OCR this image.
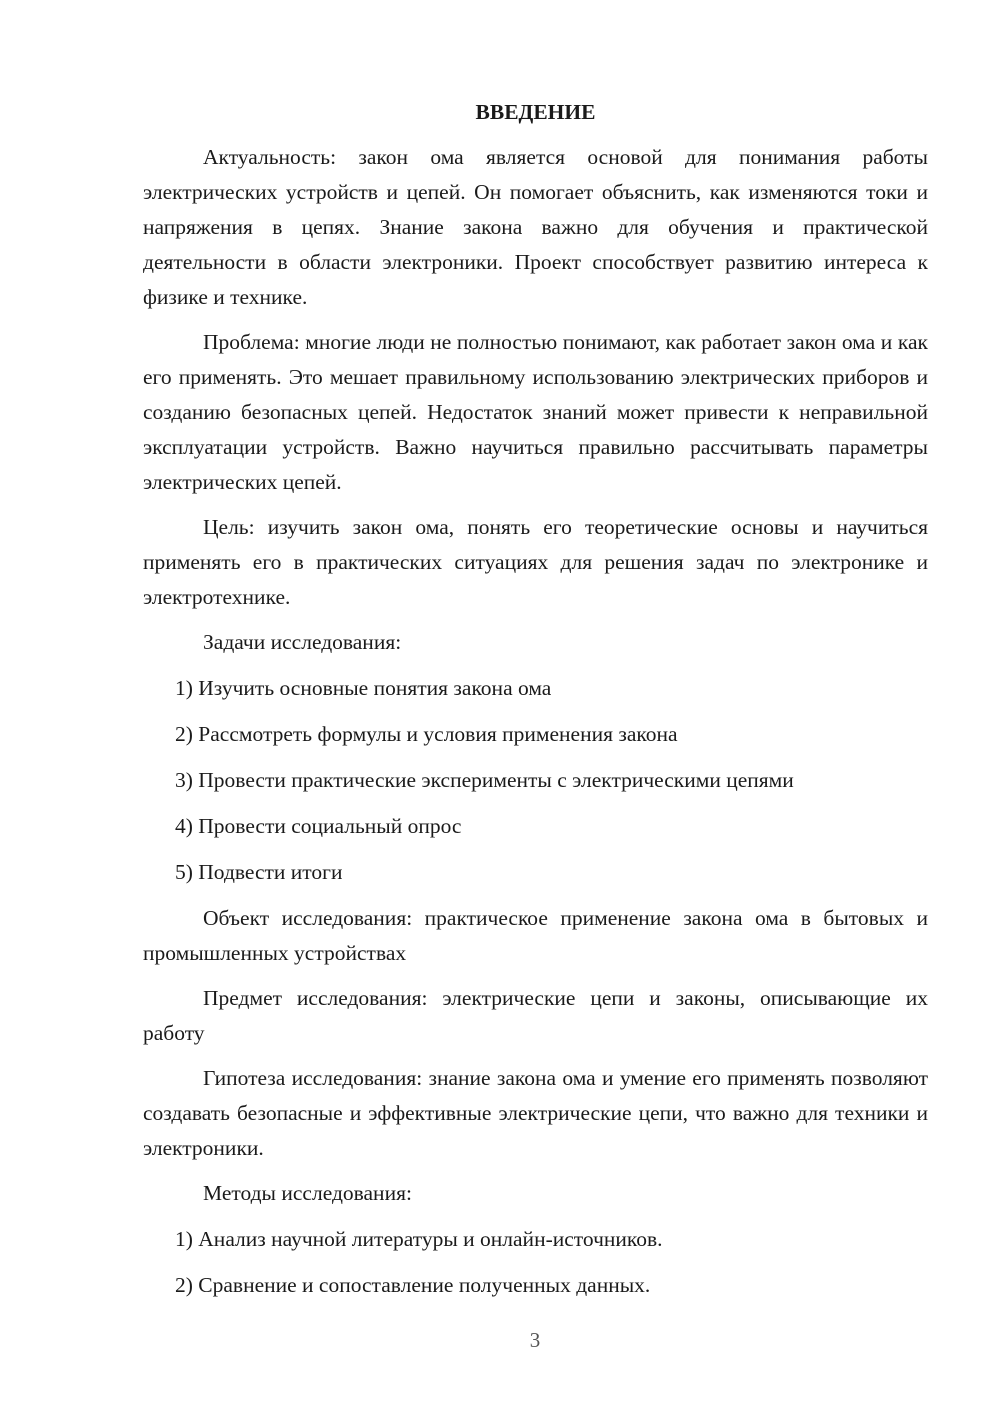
ВВЕДЕНИЕ

Актуальность: закон ома является основой для понимания работы электрических устройств и цепей. Он помогает объяснить, как изменяются токи и напряжения в цепях. Знание закона важно для обучения и практической деятельности в области электроники. Проект способствует развитию интереса к физике и технике.

Проблема: многие люди не полностью понимают, как работает закон ома и как его применять. Это мешает правильному использованию электрических приборов и созданию безопасных цепей. Недостаток знаний может привести к неправильной эксплуатации устройств. Важно научиться правильно рассчитывать параметры электрических цепей.

Цель: изучить закон ома, понять его теоретические основы и научиться применять его в практических ситуациях для решения задач по электронике и электротехнике.

Задачи исследования:

1) Изучить основные понятия закона ома

2) Рассмотреть формулы и условия применения закона

3) Провести практические эксперименты с электрическими цепями

4) Провести социальный опрос

5) Подвести итоги

Объект исследования: практическое применение закона ома в бытовых и промышленных устройствах

Предмет исследования: электрические цепи и законы, описывающие их работу

Гипотеза исследования: знание закона ома и умение его применять позволяют создавать безопасные и эффективные электрические цепи, что важно для техники и электроники.

Методы исследования:

1) Анализ научной литературы и онлайн-источников.

2) Сравнение и сопоставление полученных данных.

3
